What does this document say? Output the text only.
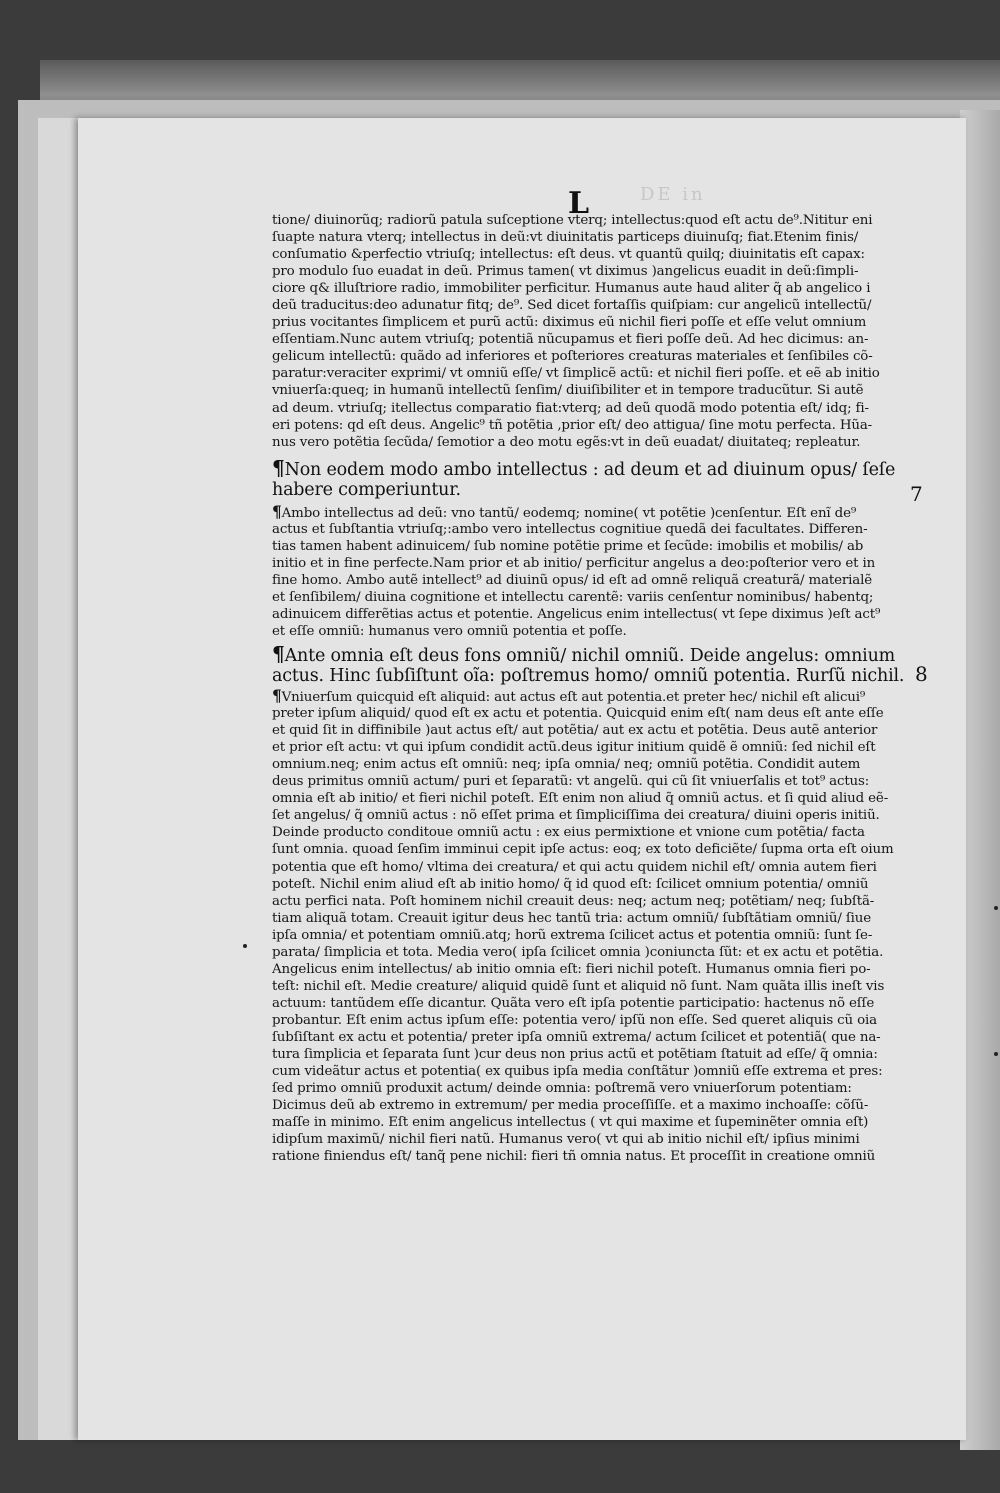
DE in
L
tione/ diuinorũq; radiorũ patula suſceptione vterq; intellectus:quod eſt actu de⁹.Nititur eni
ſuapte natura vterq; intellectus in deũ:vt diuinitatis particeps diuinuſq; fiat.Etenim finis/
conſumatio &perfectio vtriuſq; intellectus: eſt deus. vt quantũ quilq; diuinitatis eſt capax:
pro modulo ſuo euadat in deũ. Primus tamen( vt diximus )angelicus euadit in deũ:ſimpli‑
ciore q& illuſtriore radio, immobiliter perficitur. Humanus aute haud aliter q̃ ab angelico i
deũ traducitus:deo adunatur fitq; de⁹. Sed dicet fortaſſis quiſpiam: cur angelicũ intellectũ/
prius vocitantes ſimplicem et purũ actũ: diximus eũ nichil fieri poſſe et eſſe velut omnium
eſſentiam.Nunc autem vtriuſq; potentiã nũcupamus et fieri poſſe deũ. Ad hec dicimus: an‑
gelicum intellectũ: quãdo ad inferiores et poſteriores creaturas materiales et ſenſibiles cõ‑
paratur:veraciter exprimi/ vt omniũ eſſe/ vt ſimplicẽ actũ: et nichil fieri poſſe. et eẽ ab initio
vniuerſa:queq; in humanũ intellectũ ſenſim/ diuiſibiliter et in tempore traducũtur. Si autẽ
ad deum. vtriuſq; itellectus comparatio fiat:vterq; ad deũ quodã modo potentia eſt/ idq; fi‑
eri potens: qd eſt deus. Angelic⁹ tñ potẽtia ,prior eſt/ deo attigua/ ſine motu perfecta. Hũa‑
nus vero potẽtia ſecũda/ ſemotior a deo motu egẽs:vt in deũ euadat/ diuitateq; repleatur.
¶Non eodem modo ambo intellectus : ad deum et ad diuinum opus/ ſeſe
habere comperiuntur.
¶Ambo intellectus ad deũ: vno tantũ/ eodemq; nomine( vt potẽtie )cenſentur. Eſt enĩ de⁹
actus et ſubſtantia vtriuſq;:ambo vero intellectus cognitiue quedã dei facultates. Differen‑
tias tamen habent adinuicem/ ſub nomine potẽtie prime et ſecũde: imobilis et mobilis/ ab
initio et in fine perfecte.Nam prior et ab initio/ perficitur angelus a deo:poſterior vero et in
fine homo. Ambo autẽ intellect⁹ ad diuinũ opus/ id eſt ad omnẽ reliquã creaturã/ materialẽ
et ſenſibilem/ diuina cognitione et intellectu carentẽ: variis cenſentur nominibus/ habentq;
adinuicem differẽtias actus et potentie. Angelicus enim intellectus( vt ſepe diximus )eſt act⁹
et eſſe omniũ: humanus vero omniũ potentia et poſſe.
¶Ante omnia eſt deus fons omniũ/ nichil omniũ. Deide angelus: omnium
actus. Hinc ſubſiſtunt oĩa: poſtremus homo/ omniũ potentia. Rurſũ nichil.
¶Vniuerſum quicquid eſt aliquid: aut actus eſt aut potentia.et preter hec/ nichil eſt alicui⁹
preter ipſum aliquid/ quod eſt ex actu et potentia. Quicquid enim eſt( nam deus eſt ante eſſe
et quid ſit in diffinibile )aut actus eſt/ aut potẽtia/ aut ex actu et potẽtia. Deus autẽ anterior
et prior eſt actu: vt qui ipſum condidit actũ.deus igitur initium quidẽ ẽ omniũ: ſed nichil eſt
omnium.neq; enim actus eſt omniũ: neq; ipſa omnia/ neq; omniũ potẽtia. Condidit autem
deus primitus omniũ actum/ puri et ſeparatũ: vt angelũ. qui cũ ſit vniuerſalis et tot⁹ actus:
omnia eſt ab initio/ et fieri nichil poteſt. Eſt enim non aliud q̃ omniũ actus. et ſi quid aliud eẽ‑
ſet angelus/ q̃ omniũ actus : nõ eſſet prima et ſimpliciſſima dei creatura/ diuini operis initiũ.
Deinde producto conditoue omniũ actu : ex eius permixtione et vnione cum potẽtia/ facta
ſunt omnia. quoad ſenſim imminui cepit ipſe actus: eoq; ex toto deficiẽte/ ſupma orta eſt oium
potentia que eſt homo/ vltima dei creatura/ et qui actu quidem nichil eſt/ omnia autem fieri
poteſt. Nichil enim aliud eſt ab initio homo/ q̃ id quod eſt: ſcilicet omnium potentia/ omniũ
actu perfici nata. Poſt hominem nichil creauit deus: neq; actum neq; potẽtiam/ neq; ſubſtã‑
tiam aliquã totam. Creauit igitur deus hec tantũ tria: actum omniũ/ ſubſtãtiam omniũ/ ſiue
ipſa omnia/ et potentiam omniũ.atq; horũ extrema ſcilicet actus et potentia omniũ: ſunt ſe‑
parata/ ſimplicia et tota. Media vero( ipſa ſcilicet omnia )coniuncta ſũt: et ex actu et potẽtia.
Angelicus enim intellectus/ ab initio omnia eſt: fieri nichil poteſt. Humanus omnia fieri po‑
teſt: nichil eſt. Medie creature/ aliquid quidẽ ſunt et aliquid nõ ſunt. Nam quãta illis ineſt vis
actuum: tantũdem eſſe dicantur. Quãta vero eſt ipſa potentie participatio: hactenus nõ eſſe
probantur. Eſt enim actus ipſum eſſe: potentia vero/ ipſũ non eſſe. Sed queret aliquis cũ oia
ſubſiſtant ex actu et potentia/ preter ipſa omniũ extrema/ actum ſcilicet et potentiã( que na‑
tura ſimplicia et ſeparata ſunt )cur deus non prius actũ et potẽtiam ſtatuit ad eſſe/ q̃ omnia:
cum videãtur actus et potentia( ex quibus ipſa media conſtãtur )omniũ eſſe extrema et pres:
ſed primo omniũ produxit actum/ deinde omnia: poſtremã vero vniuerſorum potentiam:
Dicimus deũ ab extremo in extremum/ per media proceſſiſſe. et a maximo inchoaſſe: cõſũ‑
maſſe in minimo. Eſt enim angelicus intellectus ( vt qui maxime et ſupeminẽter omnia eſt)
idipſum maximũ/ nichil fieri natũ. Humanus vero( vt qui ab initio nichil eſt/ ipſius minimi
ratione finiendus eſt/ tanq̃ pene nichil: fieri tñ omnia natus. Et proceſſit in creatione omniũ
7
8
